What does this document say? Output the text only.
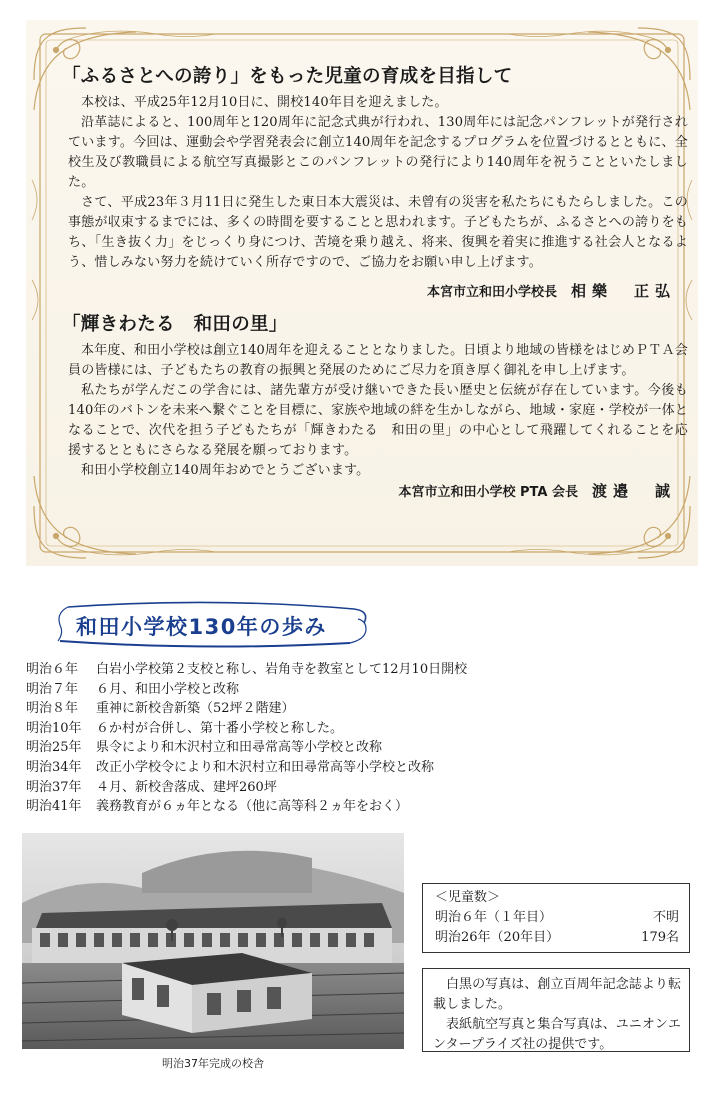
「ふるさとへの誇り」をもった児童の育成を目指して

本校は、平成25年12月10日に、開校140年目を迎えました。

沿革誌によると、100周年と120周年に記念式典が行われ、130周年には記念パンフレットが発行されています。今回は、運動会や学習発表会に創立140周年を記念するプログラムを位置づけるとともに、全校生及び教職員による航空写真撮影とこのパンフレットの発行により140周年を祝うことといたしました。

さて、平成23年３月11日に発生した東日本大震災は、未曾有の災害を私たちにもたらしました。この事態が収束するまでには、多くの時間を要することと思われます。子どもたちが、ふるさとへの誇りをもち、「生き抜く力」をじっくり身につけ、苦境を乗り越え、将来、復興を着実に推進する社会人となるよう、惜しみない努力を続けていく所存ですので、ご協力をお願い申し上げます。

本宮市立和田小学校長 相樂　正弘
「輝きわたる　和田の里」

本年度、和田小学校は創立140周年を迎えることとなりました。日頃より地域の皆様をはじめＰＴＡ会員の皆様には、子どもたちの教育の振興と発展のためにご尽力を頂き厚く御礼を申し上げます。

私たちが学んだこの学舎には、諸先輩方が受け継いできた長い歴史と伝統が存在しています。今後も140年のバトンを未来へ繋ぐことを目標に、家族や地域の絆を生かしながら、地域・家庭・学校が一体となることで、次代を担う子どもたちが「輝きわたる　和田の里」の中心として飛躍してくれることを応援するとともにさらなる発展を願っております。

和田小学校創立140周年おめでとうございます。

本宮市立和田小学校 PTA 会長 渡邉　誠
和田小学校130年の歩み
明治６年	白岩小学校第２支校と称し、岩角寺を教室として12月10日開校
明治７年	６月、和田小学校と改称
明治８年	重神に新校舎新築（52坪２階建）
明治10年	６か村が合併し、第十番小学校と称した。
明治25年	県令により和木沢村立和田尋常高等小学校と改称
明治34年	改正小学校令により和木沢村立和田尋常高等小学校と改称
明治37年	４月、新校舎落成、建坪260坪
明治41年	義務教育が６ヵ年となる（他に高等科２ヵ年をおく）
明治37年完成の校舎
＜児童数＞
明治６年（１年目）	不明
明治26年（20年目）	179名

白黒の写真は、創立百周年記念誌より転載しました。

表紙航空写真と集合写真は、ユニオンエンタープライズ社の提供です。
